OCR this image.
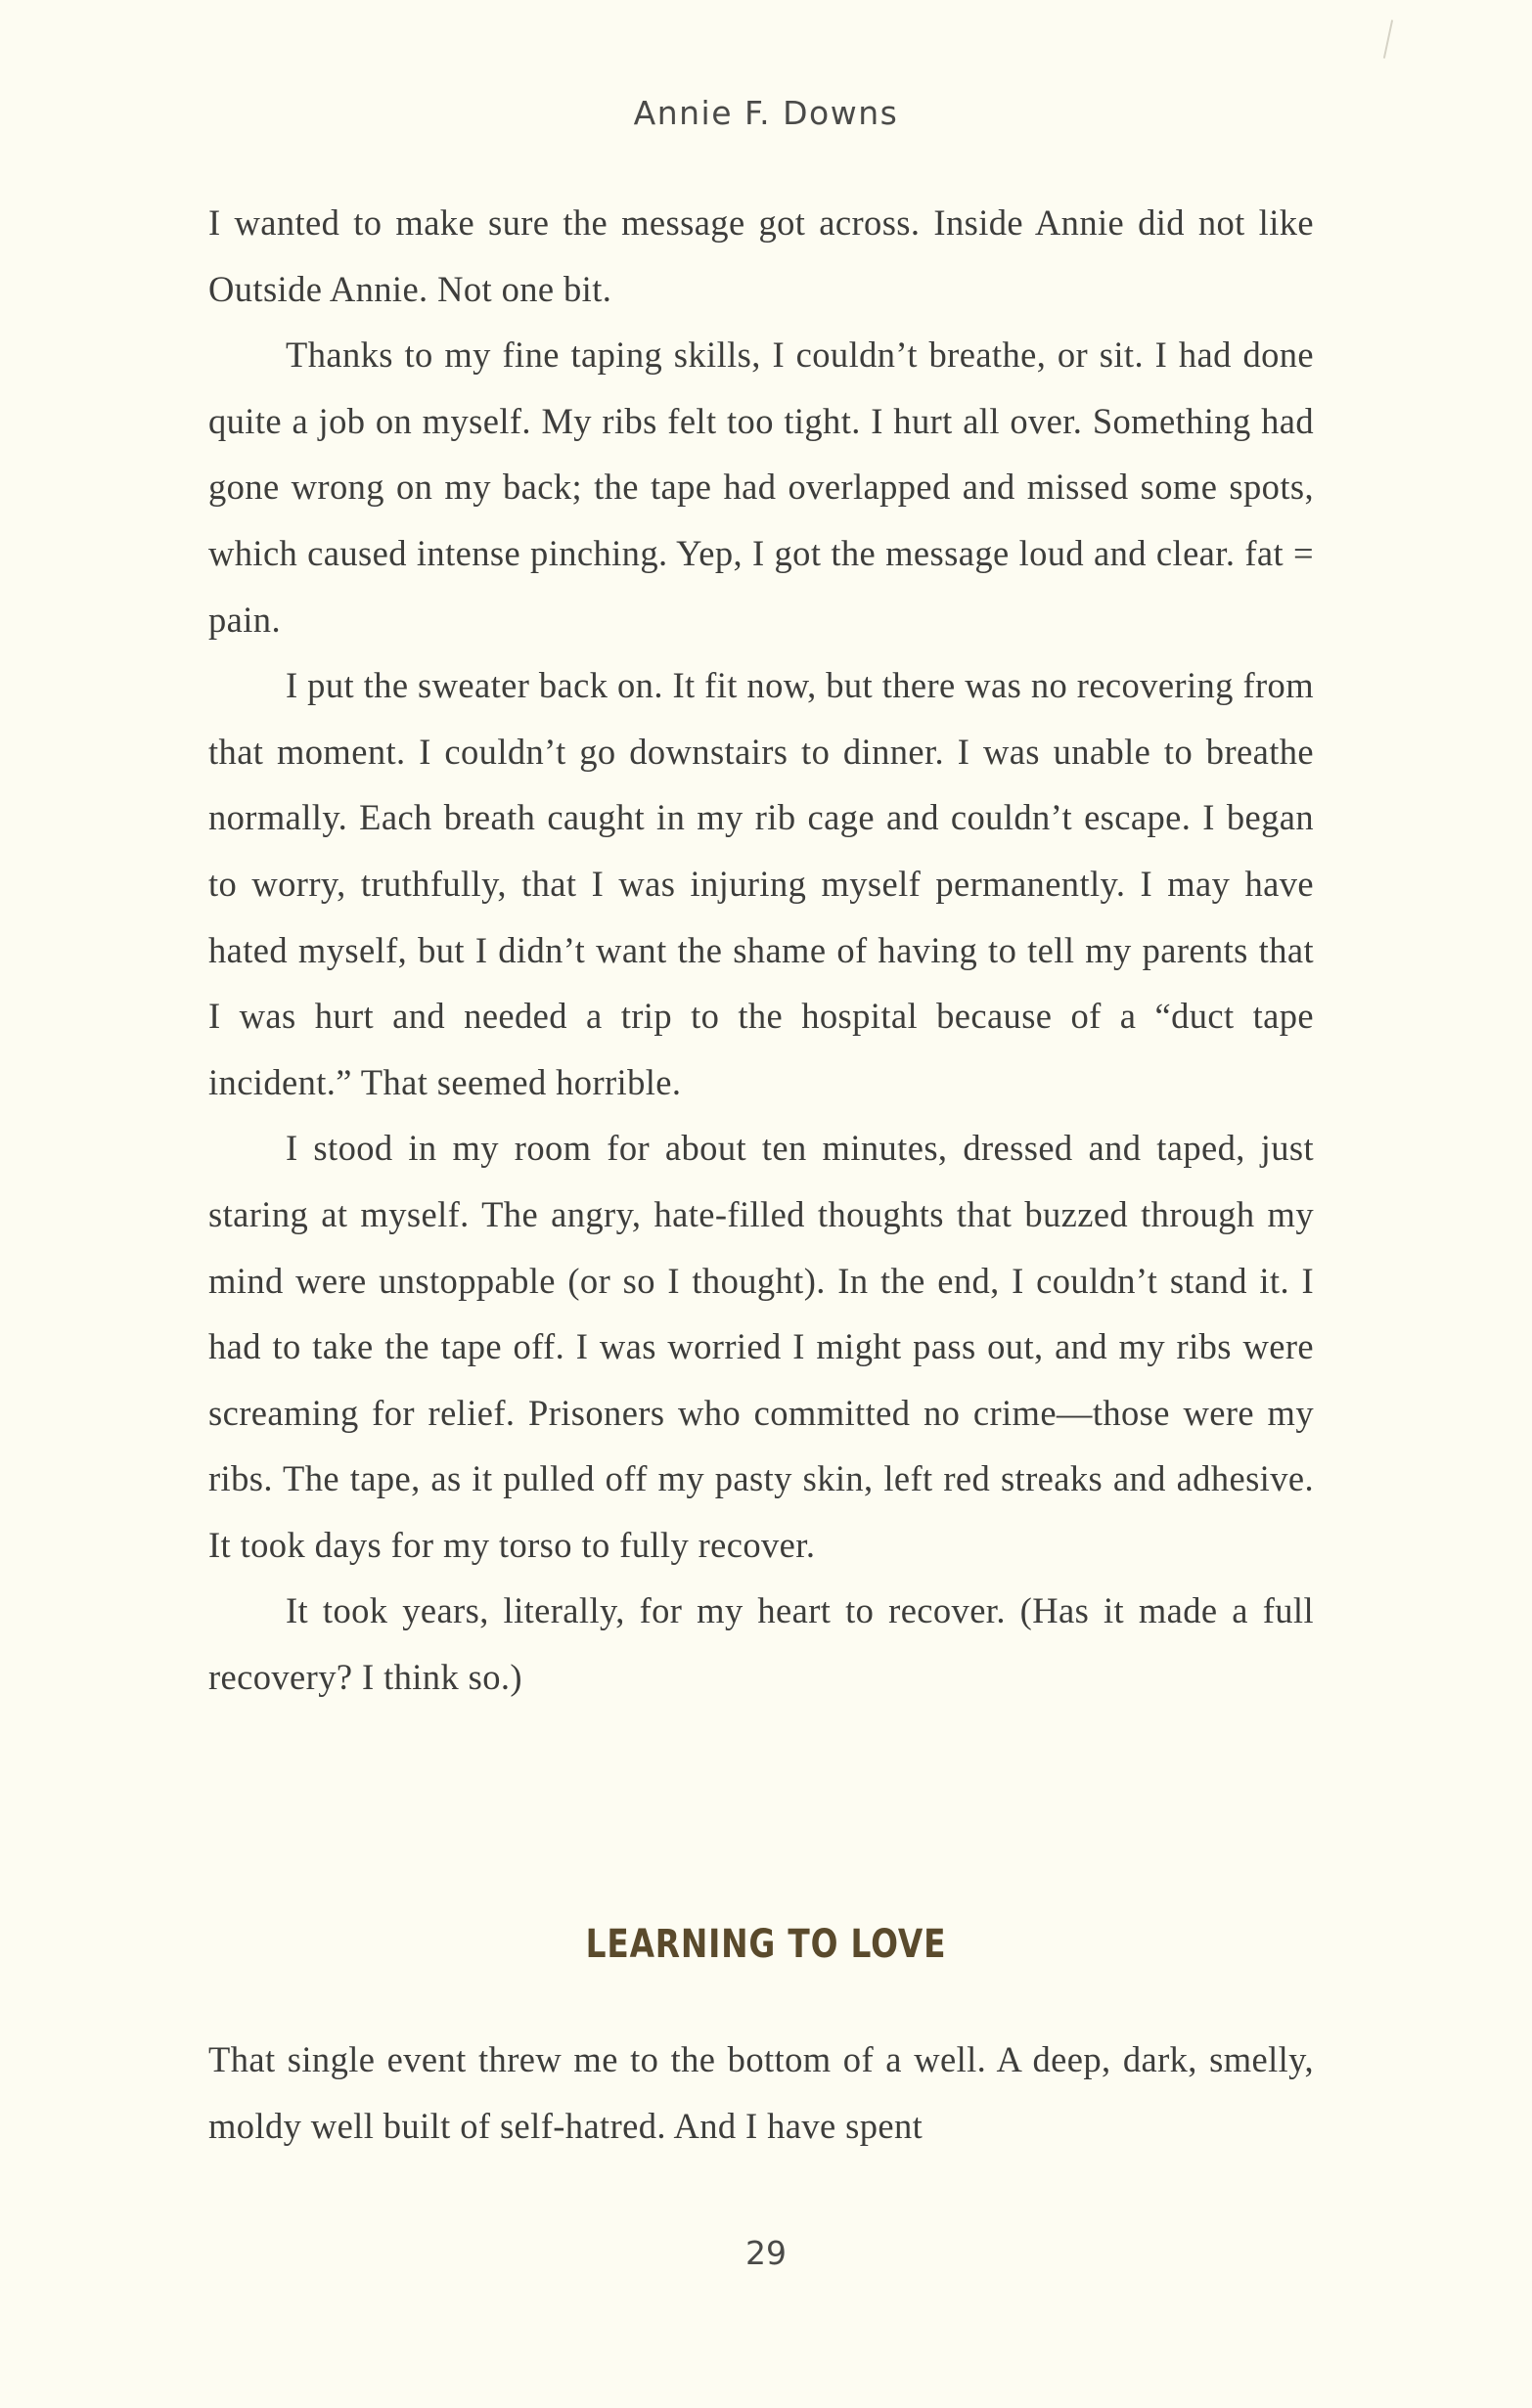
Annie F. Downs

I wanted to make sure the message got across. Inside Annie did not like Outside Annie. Not one bit.

Thanks to my fine taping skills, I couldn’t breathe, or sit. I had done quite a job on myself. My ribs felt too tight. I hurt all over. Something had gone wrong on my back; the tape had overlapped and missed some spots, which caused intense pinching. Yep, I got the message loud and clear. fat = pain.

I put the sweater back on. It fit now, but there was no recovering from that moment. I couldn’t go downstairs to dinner. I was unable to breathe normally. Each breath caught in my rib cage and couldn’t escape. I began to worry, truthfully, that I was injuring myself permanently. I may have hated myself, but I didn’t want the shame of having to tell my parents that I was hurt and needed a trip to the hospital because of a “duct tape incident.” That seemed horrible.

I stood in my room for about ten minutes, dressed and taped, just staring at myself. The angry, hate-filled thoughts that buzzed through my mind were unstoppable (or so I thought). In the end, I couldn’t stand it. I had to take the tape off. I was worried I might pass out, and my ribs were screaming for relief. Prisoners who committed no crime—those were my ribs. The tape, as it pulled off my pasty skin, left red streaks and adhesive. It took days for my torso to fully recover.

It took years, literally, for my heart to recover. (Has it made a full recovery? I think so.)

LEARNING TO LOVE

That single event threw me to the bottom of a well. A deep, dark, smelly, moldy well built of self-hatred. And I have spent

29
